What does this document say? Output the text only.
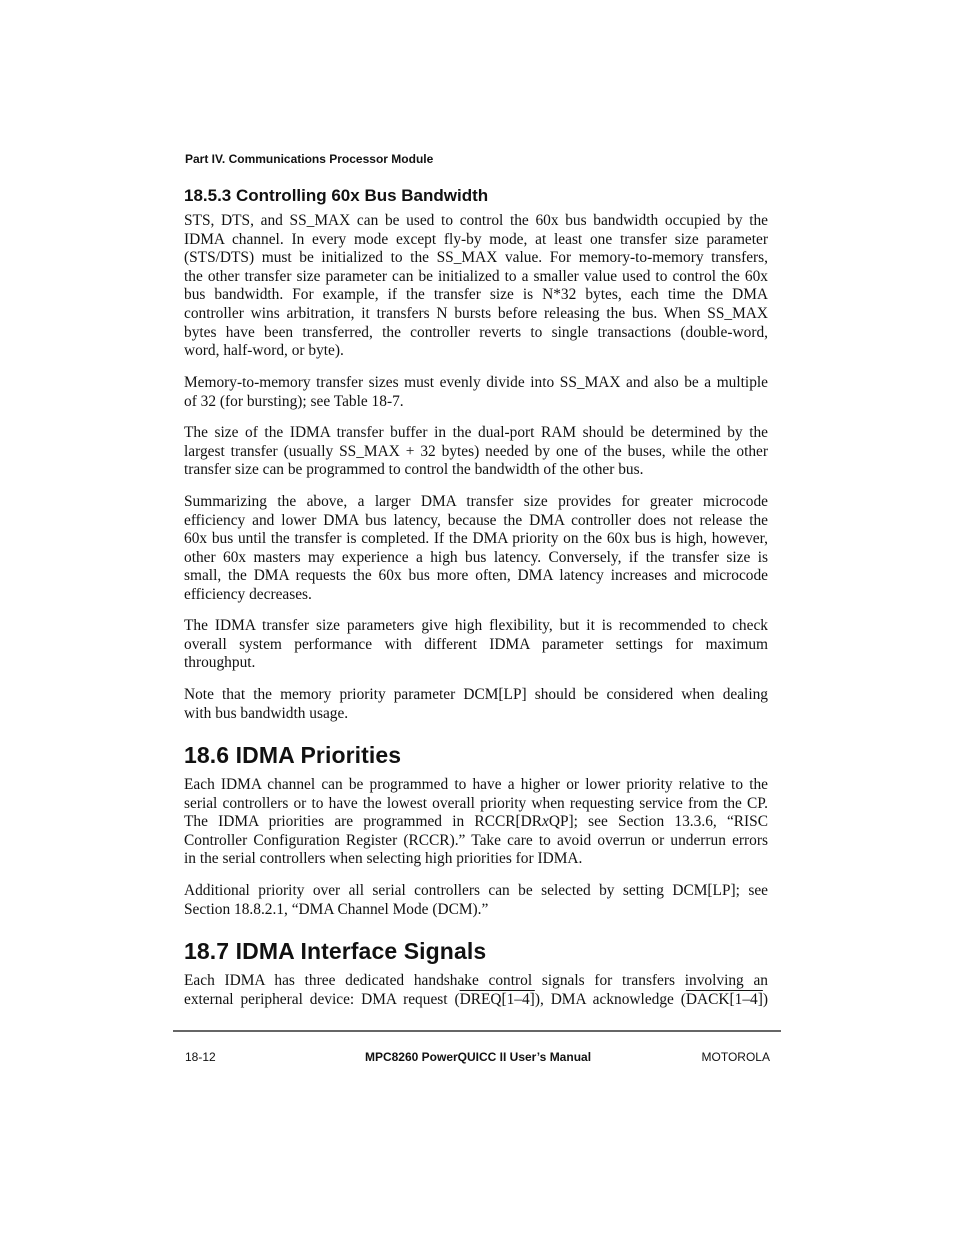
Part IV. Communications Processor Module
18.5.3 Controlling 60x Bus Bandwidth
STS, DTS, and SS_MAX can be used to control the 60x bus bandwidth occupied by the
IDMA channel. In every mode except fly-by mode, at least one transfer size parameter
(STS/DTS) must be initialized to the SS_MAX value. For memory-to-memory transfers,
the other transfer size parameter can be initialized to a smaller value used to control the 60x
bus bandwidth. For example, if the transfer size is N*32 bytes, each time the DMA
controller wins arbitration, it transfers N bursts before releasing the bus. When SS_MAX
bytes have been transferred, the controller reverts to single transactions (double-word,
word, half-word, or byte).
Memory-to-memory transfer sizes must evenly divide into SS_MAX and also be a multiple
of 32 (for bursting); see Table 18-7.
The size of the IDMA transfer buffer in the dual-port RAM should be determined by the
largest transfer (usually SS_MAX + 32 bytes) needed by one of the buses, while the other
transfer size can be programmed to control the bandwidth of the other bus.
Summarizing the above, a larger DMA transfer size provides for greater microcode
efficiency and lower DMA bus latency, because the DMA controller does not release the
60x bus until the transfer is completed. If the DMA priority on the 60x bus is high, however,
other 60x masters may experience a high bus latency. Conversely, if the transfer size is
small, the DMA requests the 60x bus more often, DMA latency increases and microcode
efficiency decreases.
The IDMA transfer size parameters give high flexibility, but it is recommended to check
overall system performance with different IDMA parameter settings for maximum
throughput.
Note that the memory priority parameter DCM[LP] should be considered when dealing
with bus bandwidth usage.
18.6 IDMA Priorities
Each IDMA channel can be programmed to have a higher or lower priority relative to the
serial controllers or to have the lowest overall priority when requesting service from the CP.
The IDMA priorities are programmed in RCCR[DRxQP]; see Section 13.3.6, “RISC
Controller Configuration Register (RCCR).” Take care to avoid overrun or underrun errors
in the serial controllers when selecting high priorities for IDMA.
Additional priority over all serial controllers can be selected by setting DCM[LP]; see
Section 18.8.2.1, “DMA Channel Mode (DCM).”
18.7 IDMA Interface Signals
Each IDMA has three dedicated handshake control signals for transfers involving an
external peripheral device: DMA request (DREQ[1–4]), DMA acknowledge (DACK[1–4])
18-12	MPC8260 PowerQUICC II User’s Manual	MOTOROLA
